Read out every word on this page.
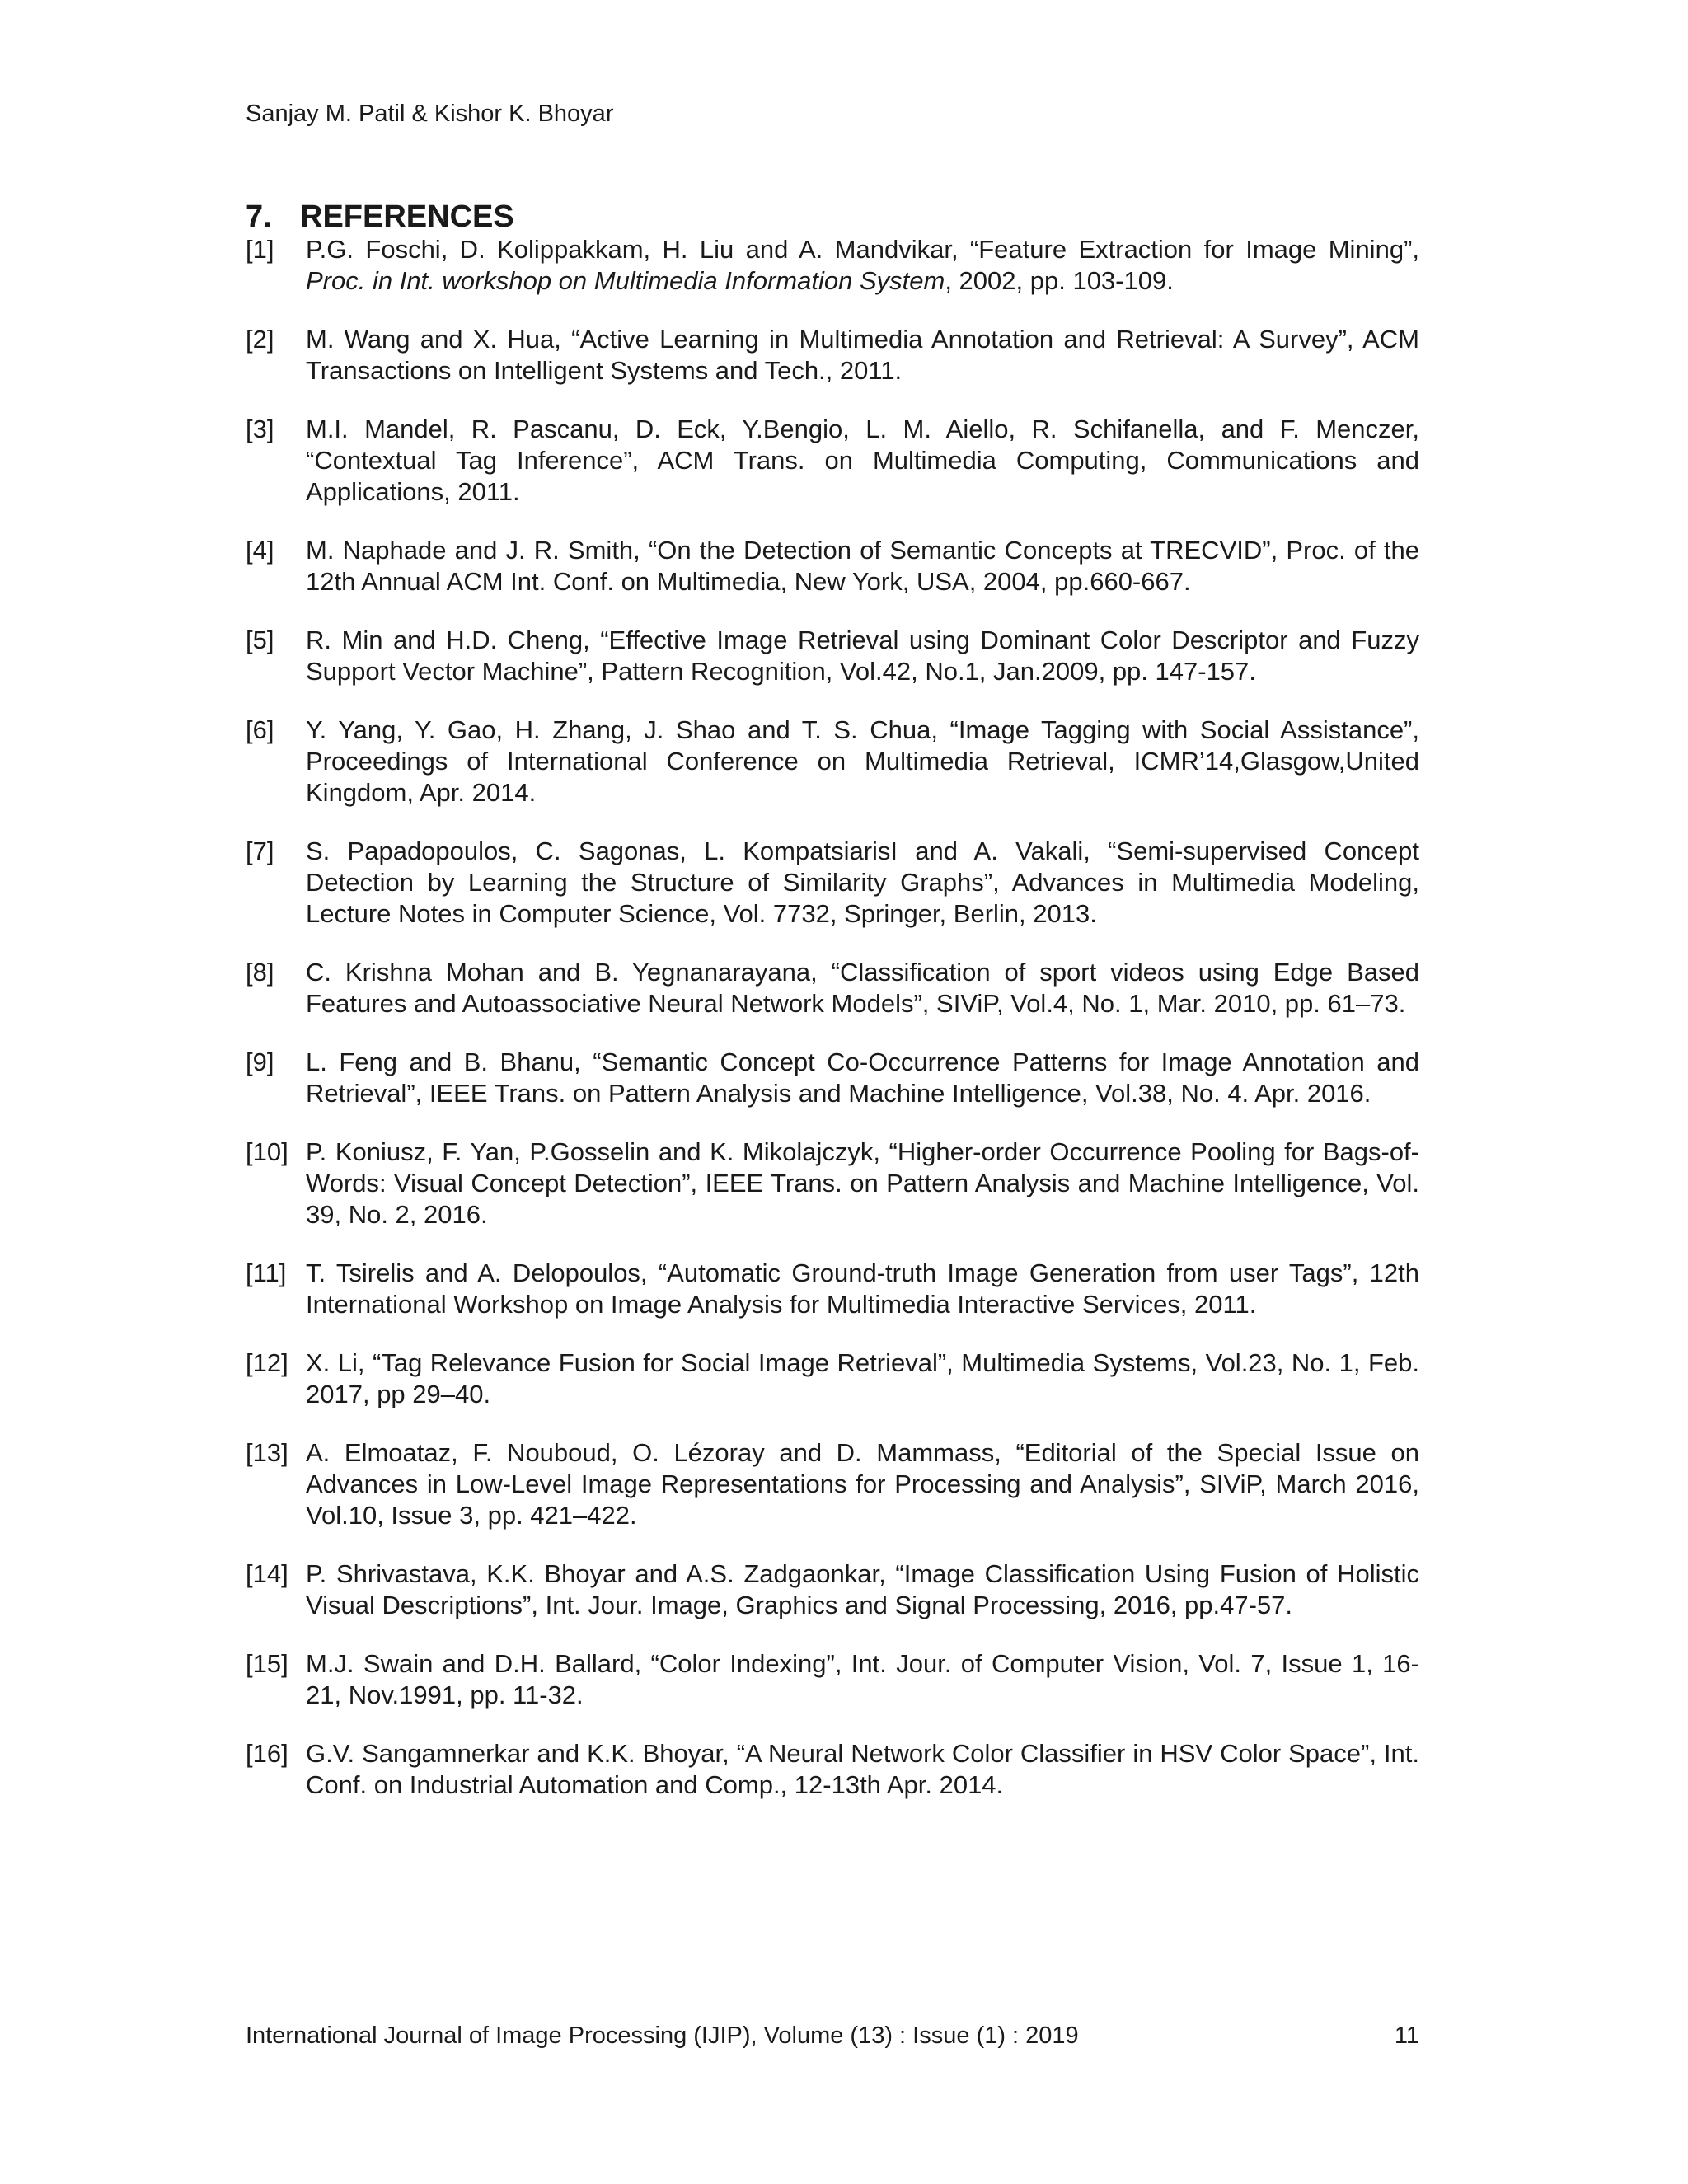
Sanjay M. Patil & Kishor K. Bhoyar
7. REFERENCES
[1]	P.G. Foschi, D. Kolippakkam, H. Liu and A. Mandvikar, “Feature Extraction for Image Mining”, Proc. in Int. workshop on Multimedia Information System, 2002, pp. 103-109.
[2]	M. Wang and X. Hua, “Active Learning in Multimedia Annotation and Retrieval: A Survey”, ACM Transactions on Intelligent Systems and Tech., 2011.
[3]	M.I. Mandel, R. Pascanu, D. Eck, Y.Bengio, L. M. Aiello, R. Schifanella, and F. Menczer, “Contextual Tag Inference”, ACM Trans. on Multimedia Computing, Communications and Applications, 2011.
[4]	M. Naphade and J. R. Smith, “On the Detection of Semantic Concepts at TRECVID”, Proc. of the 12th Annual ACM Int. Conf. on Multimedia, New York, USA, 2004, pp.660-667.
[5]	R. Min and H.D. Cheng, “Effective Image Retrieval using Dominant Color Descriptor and Fuzzy Support Vector Machine”, Pattern Recognition, Vol.42, No.1, Jan.2009, pp. 147-157.
[6]	Y. Yang, Y. Gao, H. Zhang, J. Shao and T. S. Chua, “Image Tagging with Social Assistance”, Proceedings of International Conference on Multimedia Retrieval, ICMR’14,Glasgow,United Kingdom, Apr. 2014.
[7]	S. Papadopoulos, C. Sagonas, L. KompatsiarisI and A. Vakali, “Semi-supervised Concept Detection by Learning the Structure of Similarity Graphs”, Advances in Multimedia Modeling, Lecture Notes in Computer Science, Vol. 7732, Springer, Berlin, 2013.
[8]	C. Krishna Mohan and B. Yegnanarayana, “Classification of sport videos using Edge Based Features and Autoassociative Neural Network Models”, SIViP, Vol.4, No. 1, Mar. 2010, pp. 61–73.
[9]	L. Feng and B. Bhanu, “Semantic Concept Co-Occurrence Patterns for Image Annotation and Retrieval”, IEEE Trans. on Pattern Analysis and Machine Intelligence, Vol.38, No. 4. Apr. 2016.
[10] P. Koniusz, F. Yan, P.Gosselin and K. Mikolajczyk, “Higher-order Occurrence Pooling for Bags-of-Words: Visual Concept Detection”, IEEE Trans. on Pattern Analysis and Machine Intelligence, Vol. 39, No. 2, 2016.
[11] T. Tsirelis and A. Delopoulos, “Automatic Ground-truth Image Generation from user Tags”, 12th International Workshop on Image Analysis for Multimedia Interactive Services, 2011.
[12] X. Li, “Tag Relevance Fusion for Social Image Retrieval”, Multimedia Systems, Vol.23, No. 1, Feb. 2017, pp 29–40.
[13] A. Elmoataz, F. Nouboud, O. Lézoray and D. Mammass, “Editorial of the Special Issue on Advances in Low-Level Image Representations for Processing and Analysis”, SIViP, March 2016, Vol.10, Issue 3, pp. 421–422.
[14] P. Shrivastava, K.K. Bhoyar and A.S. Zadgaonkar, “Image Classification Using Fusion of Holistic Visual Descriptions”, Int. Jour. Image, Graphics and Signal Processing, 2016, pp.47-57.
[15] M.J. Swain and D.H. Ballard, “Color Indexing”, Int. Jour. of Computer Vision, Vol. 7, Issue 1, 16- 21, Nov.1991, pp. 11-32.
[16] G.V. Sangamnerkar and K.K. Bhoyar, “A Neural Network Color Classifier in HSV Color Space”, Int. Conf. on Industrial Automation and Comp., 12-13th Apr. 2014.
International Journal of Image Processing (IJIP), Volume (13) : Issue (1) : 2019	11
